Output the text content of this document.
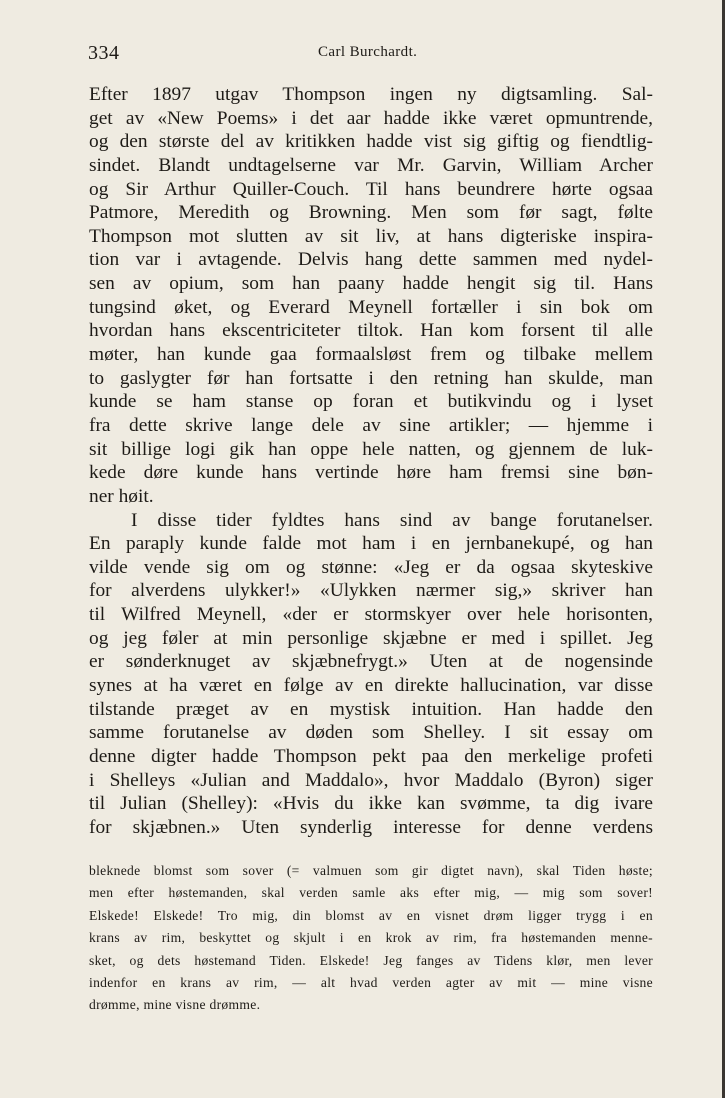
334	Carl Burchardt.
Efter 1897 utgav Thompson ingen ny digtsamling. Sal-
get av «New Poems» i det aar hadde ikke været opmuntrende,
og den største del av kritikken hadde vist sig giftig og fiendtlig-
sindet. Blandt undtagelserne var Mr. Garvin, William Archer
og Sir Arthur Quiller-Couch. Til hans beundrere hørte ogsaa
Patmore, Meredith og Browning. Men som før sagt, følte
Thompson mot slutten av sit liv, at hans digteriske inspira-
tion var i avtagende. Delvis hang dette sammen med nydel-
sen av opium, som han paany hadde hengit sig til. Hans
tungsind øket, og Everard Meynell fortæller i sin bok om
hvordan hans ekscentriciteter tiltok. Han kom forsent til alle
møter, han kunde gaa formaalsløst frem og tilbake mellem
to gaslygter før han fortsatte i den retning han skulde, man
kunde se ham stanse op foran et butikvindu og i lyset
fra dette skrive lange dele av sine artikler; — hjemme i
sit billige logi gik han oppe hele natten, og gjennem de luk-
kede døre kunde hans vertinde høre ham fremsi sine bøn-
ner høit.
I disse tider fyldtes hans sind av bange forutanelser.
En paraply kunde falde mot ham i en jernbanekupé, og han
vilde vende sig om og stønne: «Jeg er da ogsaa skyteskive
for alverdens ulykker!» «Ulykken nærmer sig,» skriver han
til Wilfred Meynell, «der er stormskyer over hele horisonten,
og jeg føler at min personlige skjæbne er med i spillet. Jeg
er sønderknuget av skjæbnefrygt.» Uten at de nogensinde
synes at ha været en følge av en direkte hallucination, var disse
tilstande præget av en mystisk intuition. Han hadde den
samme forutanelse av døden som Shelley. I sit essay om
denne digter hadde Thompson pekt paa den merkelige profeti
i Shelleys «Julian and Maddalo», hvor Maddalo (Byron) siger
til Julian (Shelley): «Hvis du ikke kan svømme, ta dig ivare
for skjæbnen.» Uten synderlig interesse for denne verdens
bleknede blomst som sover (= valmuen som gir digtet navn), skal Tiden høste;
men efter høstemanden, skal verden samle aks efter mig, — mig som sover!
Elskede! Elskede! Tro mig, din blomst av en visnet drøm ligger trygg i en
krans av rim, beskyttet og skjult i en krok av rim, fra høstemanden menne-
sket, og dets høstemand Tiden. Elskede! Jeg fanges av Tidens klør, men lever
indenfor en krans av rim, — alt hvad verden agter av mit — mine visne
drømme, mine visne drømme.
